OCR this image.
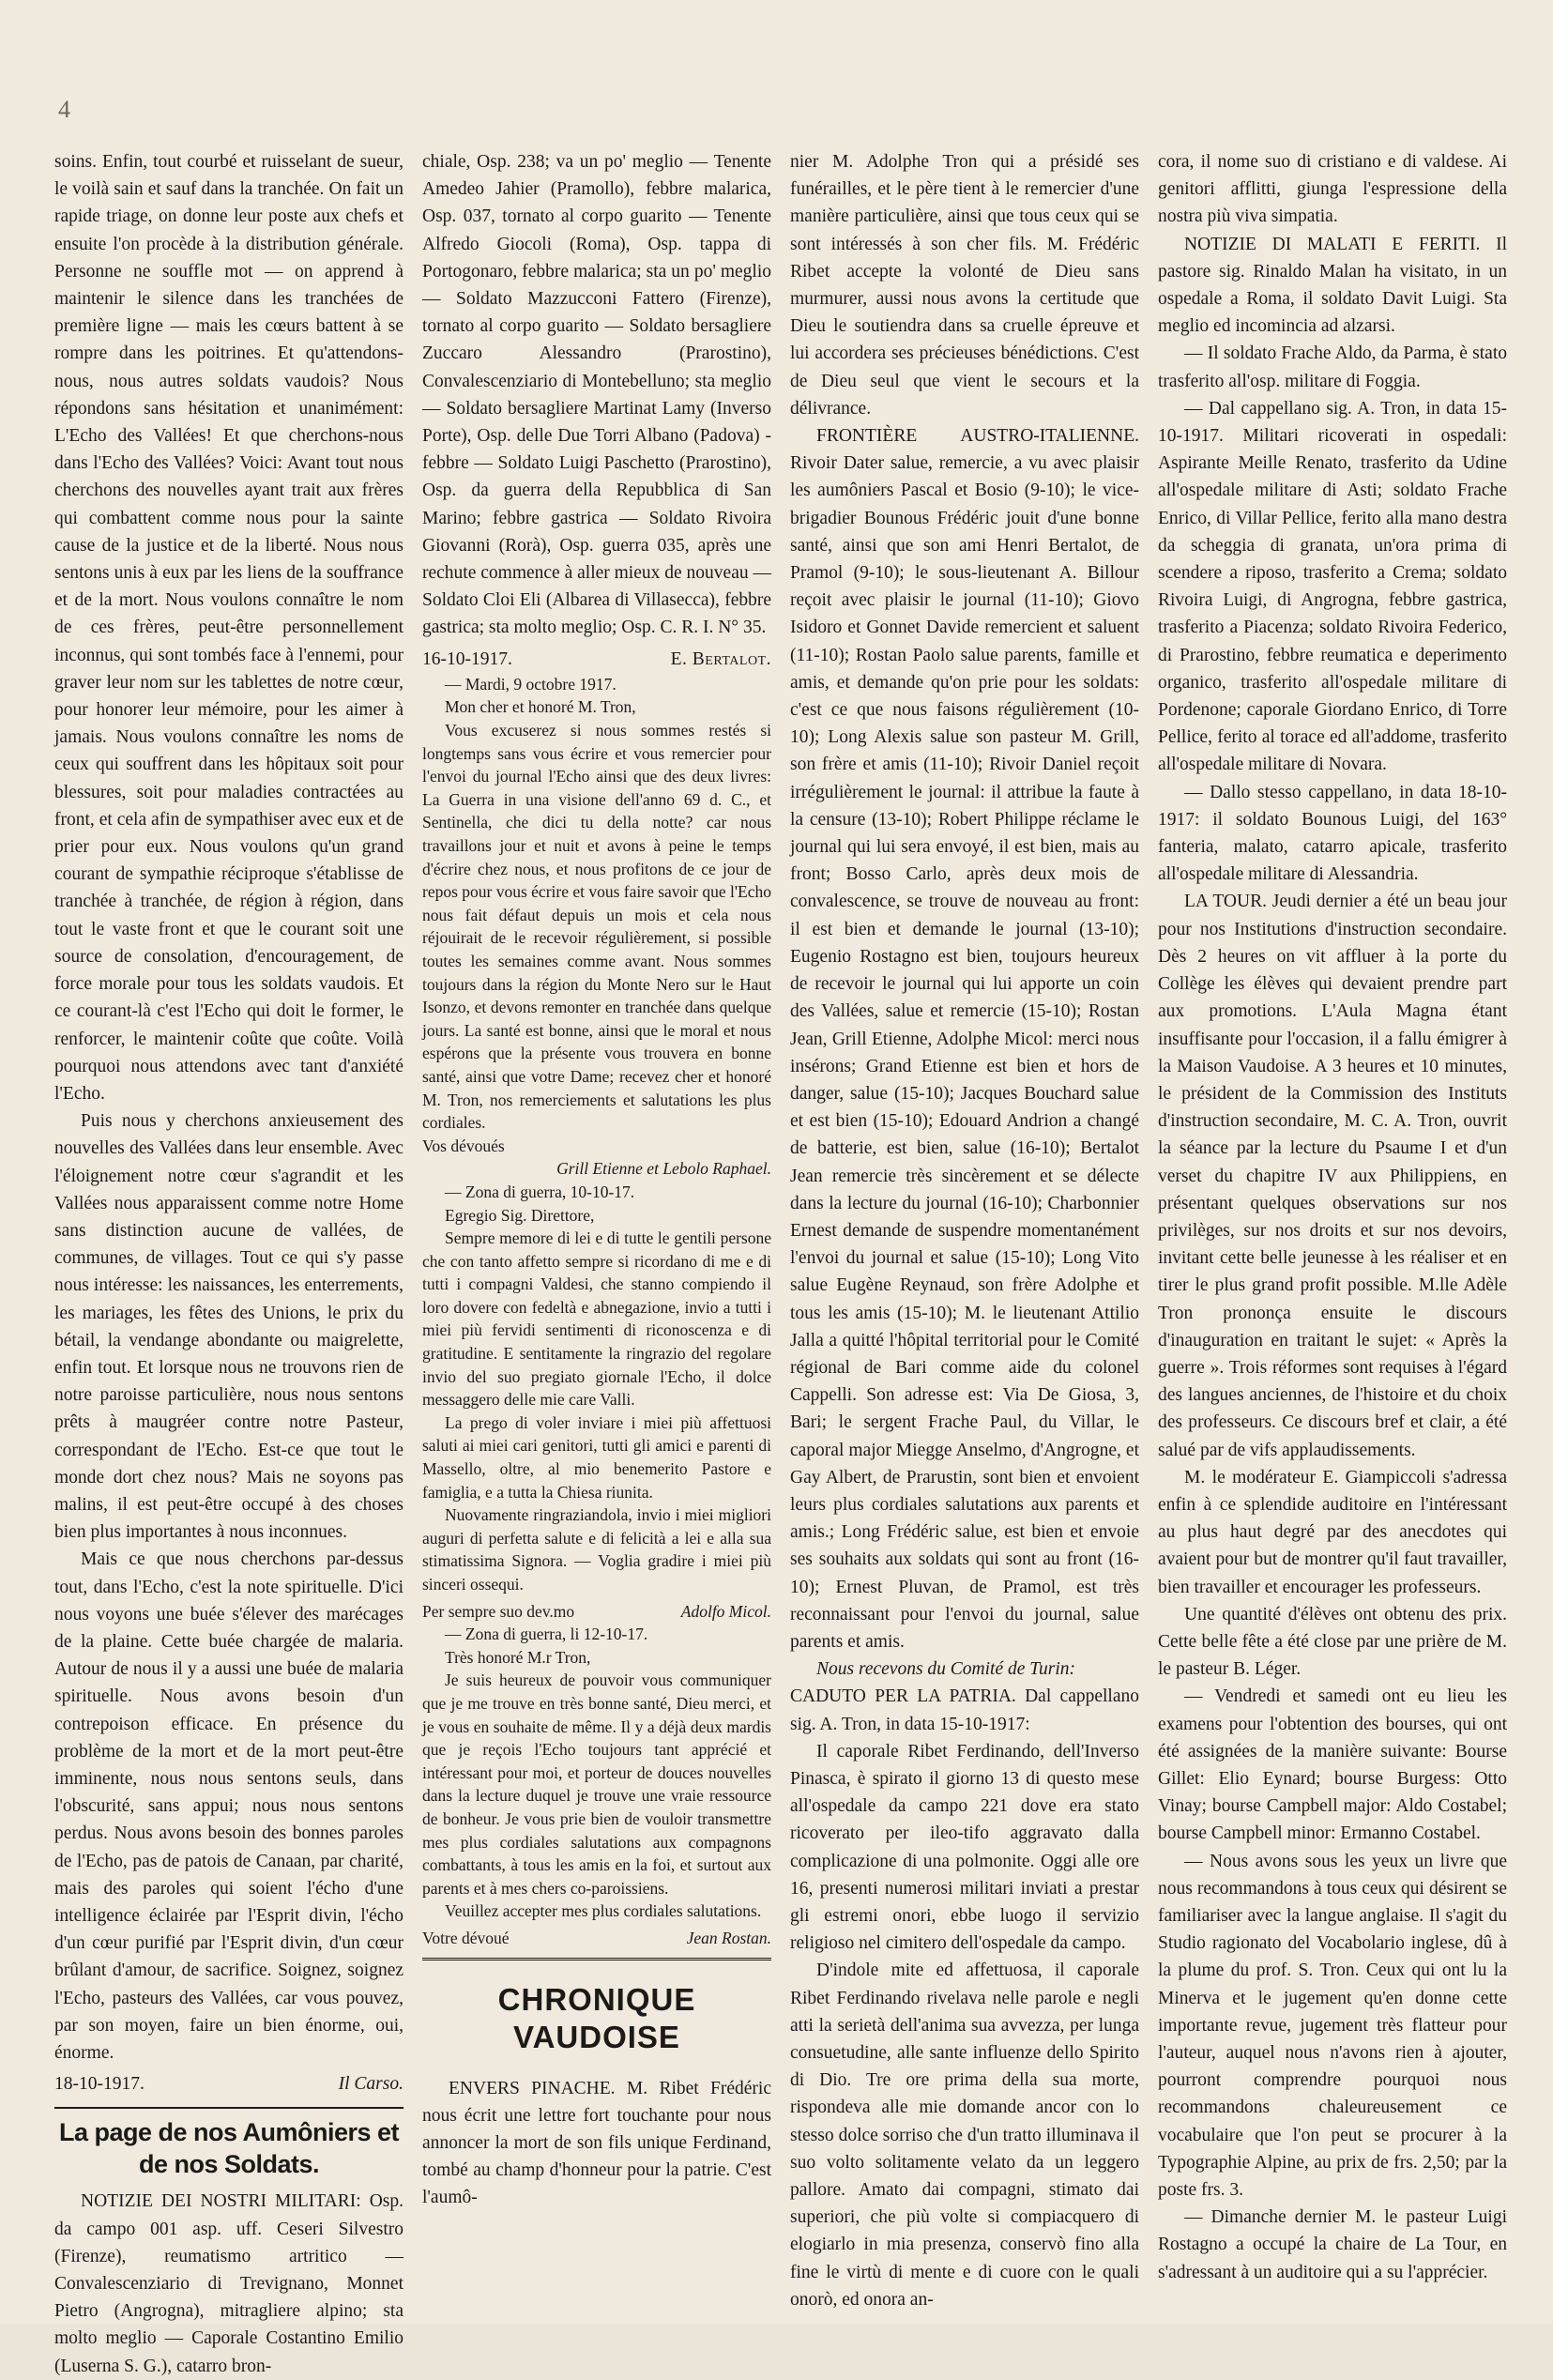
4

soins. Enfin, tout courbé et ruisselant de sueur, le voilà sain et sauf dans la tranchée. On fait un rapide triage, on donne leur poste aux chefs et ensuite l'on procède à la distribution générale. Personne ne souffle mot — on apprend à maintenir le silence dans les tranchées de première ligne — mais les cœurs battent à se rompre dans les poitrines. Et qu'attendons-nous, nous autres soldats vaudois? Nous répondons sans hésitation et unanimément: L'Echo des Vallées! Et que cherchons-nous dans l'Echo des Vallées? Voici: Avant tout nous cherchons des nouvelles ayant trait aux frères qui combattent comme nous pour la sainte cause de la justice et de la liberté. Nous nous sentons unis à eux par les liens de la souffrance et de la mort. Nous voulons connaître le nom de ces frères, peut-être personnellement inconnus, qui sont tombés face à l'ennemi, pour graver leur nom sur les tablettes de notre cœur, pour honorer leur mémoire, pour les aimer à jamais. Nous voulons connaître les noms de ceux qui souffrent dans les hôpitaux soit pour blessures, soit pour maladies contractées au front, et cela afin de sympathiser avec eux et de prier pour eux. Nous voulons qu'un grand courant de sympathie réciproque s'établisse de tranchée à tranchée, de région à région, dans tout le vaste front et que le courant soit une source de consolation, d'encouragement, de force morale pour tous les soldats vaudois. Et ce courant-là c'est l'Echo qui doit le former, le renforcer, le maintenir coûte que coûte. Voilà pourquoi nous attendons avec tant d'anxiété l'Echo.

Puis nous y cherchons anxieusement des nouvelles des Vallées dans leur ensemble. Avec l'éloignement notre cœur s'agrandit et les Vallées nous apparaissent comme notre Home sans distinction aucune de vallées, de communes, de villages. Tout ce qui s'y passe nous intéresse: les naissances, les enterrements, les mariages, les fêtes des Unions, le prix du bétail, la vendange abondante ou maigrelette, enfin tout. Et lorsque nous ne trouvons rien de notre paroisse particulière, nous nous sentons prêts à maugréer contre notre Pasteur, correspondant de l'Echo. Est-ce que tout le monde dort chez nous? Mais ne soyons pas malins, il est peut-être occupé à des choses bien plus importantes à nous inconnues.

Mais ce que nous cherchons par-dessus tout, dans l'Echo, c'est la note spirituelle. D'ici nous voyons une buée s'élever des marécages de la plaine. Cette buée chargée de malaria. Autour de nous il y a aussi une buée de malaria spirituelle. Nous avons besoin d'un contrepoison efficace. En présence du problème de la mort et de la mort peut-être imminente, nous nous sentons seuls, dans l'obscurité, sans appui; nous nous sentons perdus. Nous avons besoin des bonnes paroles de l'Echo, pas de patois de Canaan, par charité, mais des paroles qui soient l'écho d'une intelligence éclairée par l'Esprit divin, l'écho d'un cœur purifié par l'Esprit divin, d'un cœur brûlant d'amour, de sacrifice. Soignez, soignez l'Echo, pasteurs des Vallées, car vous pouvez, par son moyen, faire un bien énorme, oui, énorme.

18-10-1917.	Il Carso.
La page de nos Aumôniers et de nos Soldats.

NOTIZIE DEI NOSTRI MILITARI: Osp. da campo 001 asp. uff. Ceseri Silvestro (Firenze), reumatismo artritico — Convalescenziario di Trevignano, Monnet Pietro (Angrogna), mitragliere alpino; sta molto meglio — Caporale Costantino Emilio (Luserna S. G.), catarro bron-

chiale, Osp. 238; va un po' meglio — Tenente Amedeo Jahier (Pramollo), febbre malarica, Osp. 037, tornato al corpo guarito — Tenente Alfredo Giocoli (Roma), Osp. tappa di Portogonaro, febbre malarica; sta un po' meglio — Soldato Mazzucconi Fattero (Firenze), tornato al corpo guarito — Soldato bersagliere Zuccaro Alessandro (Prarostino), Convalescenziario di Montebelluno; sta meglio — Soldato bersagliere Martinat Lamy (Inverso Porte), Osp. delle Due Torri Albano (Padova) - febbre — Soldato Luigi Paschetto (Prarostino), Osp. da guerra della Repubblica di San Marino; febbre gastrica — Soldato Rivoira Giovanni (Rorà), Osp. guerra 035, après une rechute commence à aller mieux de nouveau — Soldato Cloi Eli (Albarea di Villasecca), febbre gastrica; sta molto meglio; Osp. C. R. I. N° 35.

16-10-1917.	E. Bertalot.

— Mardi, 9 octobre 1917.

Mon cher et honoré M. Tron,

Vous excuserez si nous sommes restés si longtemps sans vous écrire et vous remercier pour l'envoi du journal l'Echo ainsi que des deux livres: La Guerra in una visione dell'anno 69 d. C., et Sentinella, che dici tu della notte? car nous travaillons jour et nuit et avons à peine le temps d'écrire chez nous, et nous profitons de ce jour de repos pour vous écrire et vous faire savoir que l'Echo nous fait défaut depuis un mois et cela nous réjouirait de le recevoir régulièrement, si possible toutes les semaines comme avant. Nous sommes toujours dans la région du Monte Nero sur le Haut Isonzo, et devons remonter en tranchée dans quelque jours. La santé est bonne, ainsi que le moral et nous espérons que la présente vous trouvera en bonne santé, ainsi que votre Dame; recevez cher et honoré M. Tron, nos remerciements et salutations les plus cordiales.

Vos dévoués

Grill Etienne et Lebolo Raphael.

— Zona di guerra, 10-10-17.

Egregio Sig. Direttore,

Sempre memore di lei e di tutte le gentili persone che con tanto affetto sempre si ricordano di me e di tutti i compagni Valdesi, che stanno compiendo il loro dovere con fedeltà e abnegazione, invio a tutti i miei più fervidi sentimenti di riconoscenza e di gratitudine. E sentitamente la ringrazio del regolare invio del suo pregiato giornale l'Echo, il dolce messaggero delle mie care Valli.

La prego di voler inviare i miei più affettuosi saluti ai miei cari genitori, tutti gli amici e parenti di Massello, oltre, al mio benemerito Pastore e famiglia, e a tutta la Chiesa riunita.

Nuovamente ringraziandola, invio i miei migliori auguri di perfetta salute e di felicità a lei e alla sua stimatissima Signora. — Voglia gradire i miei più sinceri ossequi.

Per sempre suo dev.mo	Adolfo Micol.

— Zona di guerra, li 12-10-17.

Très honoré M.r Tron,

Je suis heureux de pouvoir vous communiquer que je me trouve en très bonne santé, Dieu merci, et je vous en souhaite de même. Il y a déjà deux mardis que je reçois l'Echo toujours tant apprécié et intéressant pour moi, et porteur de douces nouvelles dans la lecture duquel je trouve une vraie ressource de bonheur. Je vous prie bien de vouloir transmettre mes plus cordiales salutations aux compagnons combattants, à tous les amis en la foi, et surtout aux parents et à mes chers co-paroissiens.

Veuillez accepter mes plus cordiales salutations.

Votre dévoué	Jean Rostan.
CHRONIQUE VAUDOISE

ENVERS PINACHE. M. Ribet Frédéric nous écrit une lettre fort touchante pour nous annoncer la mort de son fils unique Ferdinand, tombé au champ d'honneur pour la patrie. C'est l'aumô-

nier M. Adolphe Tron qui a présidé ses funérailles, et le père tient à le remercier d'une manière particulière, ainsi que tous ceux qui se sont intéressés à son cher fils. M. Frédéric Ribet accepte la volonté de Dieu sans murmurer, aussi nous avons la certitude que Dieu le soutiendra dans sa cruelle épreuve et lui accordera ses précieuses bénédictions. C'est de Dieu seul que vient le secours et la délivrance.

FRONTIÈRE AUSTRO-ITALIENNE. Rivoir Dater salue, remercie, a vu avec plaisir les aumôniers Pascal et Bosio (9-10); le vice-brigadier Bounous Frédéric jouit d'une bonne santé, ainsi que son ami Henri Bertalot, de Pramol (9-10); le sous-lieutenant A. Billour reçoit avec plaisir le journal (11-10); Giovo Isidoro et Gonnet Davide remercient et saluent (11-10); Rostan Paolo salue parents, famille et amis, et demande qu'on prie pour les soldats: c'est ce que nous faisons régulièrement (10-10); Long Alexis salue son pasteur M. Grill, son frère et amis (11-10); Rivoir Daniel reçoit irrégulièrement le journal: il attribue la faute à la censure (13-10); Robert Philippe réclame le journal qui lui sera envoyé, il est bien, mais au front; Bosso Carlo, après deux mois de convalescence, se trouve de nouveau au front: il est bien et demande le journal (13-10); Eugenio Rostagno est bien, toujours heureux de recevoir le journal qui lui apporte un coin des Vallées, salue et remercie (15-10); Rostan Jean, Grill Etienne, Adolphe Micol: merci nous insérons; Grand Etienne est bien et hors de danger, salue (15-10); Jacques Bouchard salue et est bien (15-10); Edouard Andrion a changé de batterie, est bien, salue (16-10); Bertalot Jean remercie très sincèrement et se délecte dans la lecture du journal (16-10); Charbonnier Ernest demande de suspendre momentanément l'envoi du journal et salue (15-10); Long Vito salue Eugène Reynaud, son frère Adolphe et tous les amis (15-10); M. le lieutenant Attilio Jalla a quitté l'hôpital territorial pour le Comité régional de Bari comme aide du colonel Cappelli. Son adresse est: Via De Giosa, 3, Bari; le sergent Frache Paul, du Villar, le caporal major Miegge Anselmo, d'Angrogne, et Gay Albert, de Prarustin, sont bien et envoient leurs plus cordiales salutations aux parents et amis.; Long Frédéric salue, est bien et envoie ses souhaits aux soldats qui sont au front (16-10); Ernest Pluvan, de Pramol, est très reconnaissant pour l'envoi du journal, salue parents et amis.

Nous recevons du Comité de Turin:

CADUTO PER LA PATRIA. Dal cappellano sig. A. Tron, in data 15-10-1917:

Il caporale Ribet Ferdinando, dell'Inverso Pinasca, è spirato il giorno 13 di questo mese all'ospedale da campo 221 dove era stato ricoverato per ileo-tifo aggravato dalla complicazione di una polmonite. Oggi alle ore 16, presenti numerosi militari inviati a prestar gli estremi onori, ebbe luogo il servizio religioso nel cimitero dell'ospedale da campo.

D'indole mite ed affettuosa, il caporale Ribet Ferdinando rivelava nelle parole e negli atti la serietà dell'anima sua avvezza, per lunga consuetudine, alle sante influenze dello Spirito di Dio. Tre ore prima della sua morte, rispondeva alle mie domande ancor con lo stesso dolce sorriso che d'un tratto illuminava il suo volto solitamente velato da un leggero pallore. Amato dai compagni, stimato dai superiori, che più volte si compiacquero di elogiarlo in mia presenza, conservò fino alla fine le virtù di mente e di cuore con le quali onorò, ed onora an-

cora, il nome suo di cristiano e di valdese. Ai genitori afflitti, giunga l'espressione della nostra più viva simpatia.

NOTIZIE DI MALATI E FERITI. Il pastore sig. Rinaldo Malan ha visitato, in un ospedale a Roma, il soldato Davit Luigi. Sta meglio ed incomincia ad alzarsi.

— Il soldato Frache Aldo, da Parma, è stato trasferito all'osp. militare di Foggia.

— Dal cappellano sig. A. Tron, in data 15-10-1917. Militari ricoverati in ospedali: Aspirante Meille Renato, trasferito da Udine all'ospedale militare di Asti; soldato Frache Enrico, di Villar Pellice, ferito alla mano destra da scheggia di granata, un'ora prima di scendere a riposo, trasferito a Crema; soldato Rivoira Luigi, di Angrogna, febbre gastrica, trasferito a Piacenza; soldato Rivoira Federico, di Prarostino, febbre reumatica e deperimento organico, trasferito all'ospedale militare di Pordenone; caporale Giordano Enrico, di Torre Pellice, ferito al torace ed all'addome, trasferito all'ospedale militare di Novara.

— Dallo stesso cappellano, in data 18-10-1917: il soldato Bounous Luigi, del 163° fanteria, malato, catarro apicale, trasferito all'ospedale militare di Alessandria.

LA TOUR. Jeudi dernier a été un beau jour pour nos Institutions d'instruction secondaire. Dès 2 heures on vit affluer à la porte du Collège les élèves qui devaient prendre part aux promotions. L'Aula Magna étant insuffisante pour l'occasion, il a fallu émigrer à la Maison Vaudoise. A 3 heures et 10 minutes, le président de la Commission des Instituts d'instruction secondaire, M. C. A. Tron, ouvrit la séance par la lecture du Psaume I et d'un verset du chapitre IV aux Philippiens, en présentant quelques observations sur nos privilèges, sur nos droits et sur nos devoirs, invitant cette belle jeunesse à les réaliser et en tirer le plus grand profit possible. M.lle Adèle Tron prononça ensuite le discours d'inauguration en traitant le sujet: « Après la guerre ». Trois réformes sont requises à l'égard des langues anciennes, de l'histoire et du choix des professeurs. Ce discours bref et clair, a été salué par de vifs applaudissements.

M. le modérateur E. Giampiccoli s'adressa enfin à ce splendide auditoire en l'intéressant au plus haut degré par des anecdotes qui avaient pour but de montrer qu'il faut travailler, bien travailler et encourager les professeurs.

Une quantité d'élèves ont obtenu des prix. Cette belle fête a été close par une prière de M. le pasteur B. Léger.

— Vendredi et samedi ont eu lieu les examens pour l'obtention des bourses, qui ont été assignées de la manière suivante: Bourse Gillet: Elio Eynard; bourse Burgess: Otto Vinay; bourse Campbell major: Aldo Costabel; bourse Campbell minor: Ermanno Costabel.

— Nous avons sous les yeux un livre que nous recommandons à tous ceux qui désirent se familiariser avec la langue anglaise. Il s'agit du Studio ragionato del Vocabolario inglese, dû à la plume du prof. S. Tron. Ceux qui ont lu la Minerva et le jugement qu'en donne cette importante revue, jugement très flatteur pour l'auteur, auquel nous n'avons rien à ajouter, pourront comprendre pourquoi nous recommandons chaleureusement ce vocabulaire que l'on peut se procurer à la Typographie Alpine, au prix de frs. 2,50; par la poste frs. 3.

— Dimanche dernier M. le pasteur Luigi Rostagno a occupé la chaire de La Tour, en s'adressant à un auditoire qui a su l'apprécier.
